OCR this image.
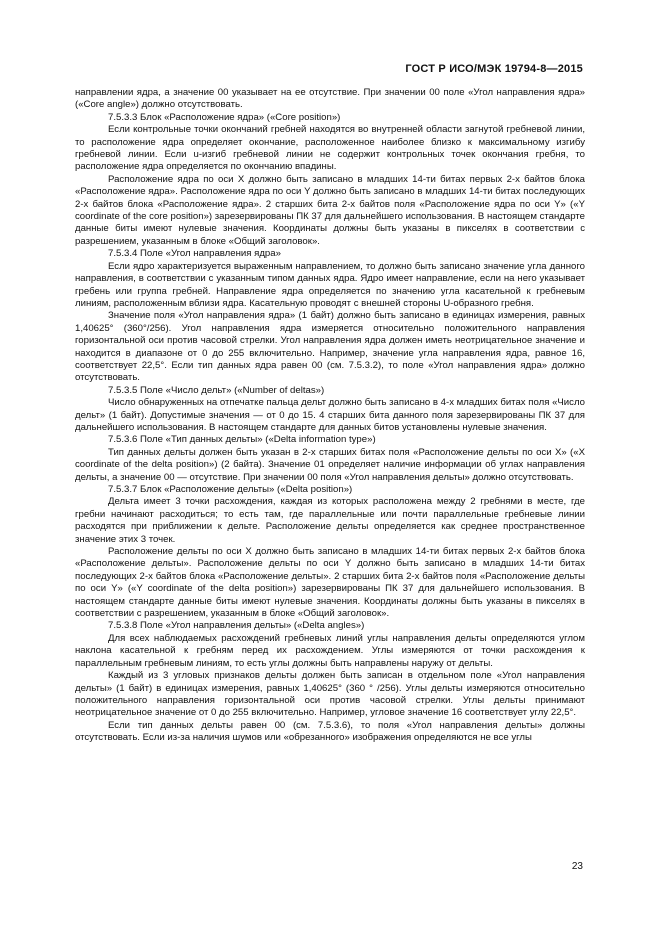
ГОСТ Р ИСО/МЭК 19794-8—2015

направлении ядра, а значение 00 указывает на ее отсутствие. При значении 00 поле «Угол направления ядра» («Core angle») должно отсутствовать.

7.5.3.3 Блок «Расположение ядра» («Core position»)

Если контрольные точки окончаний гребней находятся во внутренней области загнутой гребневой линии, то расположение ядра определяет окончание, расположенное наиболее близко к максимальному изгибу гребневой линии. Если u-изгиб гребневой линии не содержит контрольных точек окончания гребня, то расположение ядра определяется по окончанию впадины.

Расположение ядра по оси X должно быть записано в младших 14-ти битах первых 2-х байтов блока «Расположение ядра». Расположение ядра по оси Y должно быть записано в младших 14-ти битах последующих 2-х байтов блока «Расположение ядра». 2 старших бита 2-х байтов поля «Расположение ядра по оси Y» («Y coordinate of the core position») зарезервированы ПК 37 для дальнейшего использования. В настоящем стандарте данные биты имеют нулевые значения. Координаты должны быть указаны в пикселях в соответствии с разрешением, указанным в блоке «Общий заголовок».

7.5.3.4 Поле «Угол направления ядра»

Если ядро характеризуется выраженным направлением, то должно быть записано значение угла данного направления, в соответствии с указанным типом данных ядра. Ядро имеет направление, если на него указывает гребень или группа гребней. Направление ядра определяется по значению угла касательной к гребневым линиям, расположенным вблизи ядра. Касательную проводят с внешней стороны U-образного гребня.

Значение поля «Угол направления ядра» (1 байт) должно быть записано в единицах измерения, равных 1,40625° (360°/256). Угол направления ядра измеряется относительно положительного направления горизонтальной оси против часовой стрелки. Угол направления ядра должен иметь неотрицательное значение и находится в диапазоне от 0 до 255 включительно. Например, значение угла направления ядра, равное 16, соответствует 22,5°. Если тип данных ядра равен 00 (см. 7.5.3.2), то поле «Угол направления ядра» должно отсутствовать.

7.5.3.5 Поле «Число дельт» («Number of deltas»)

Число обнаруженных на отпечатке пальца дельт должно быть записано в 4-х младших битах поля «Число дельт» (1 байт). Допустимые значения — от 0 до 15. 4 старших бита данного поля зарезервированы ПК 37 для дальнейшего использования. В настоящем стандарте для данных битов установлены нулевые значения.

7.5.3.6 Поле «Тип данных дельты» («Delta information type»)

Тип данных дельты должен быть указан в 2-х старших битах поля «Расположение дельты по оси X» («X coordinate of the delta position») (2 байта). Значение 01 определяет наличие информации об углах направления дельты, а значение 00 — отсутствие. При значении 00 поля «Угол направления дельты» должно отсутствовать.

7.5.3.7 Блок «Расположение дельты» («Delta position»)

Дельта имеет 3 точки расхождения, каждая из которых расположена между 2 гребнями в месте, где гребни начинают расходиться; то есть там, где параллельные или почти параллельные гребневые линии расходятся при приближении к дельте. Расположение дельты определяется как среднее пространственное значение этих 3 точек.

Расположение дельты по оси X должно быть записано в младших 14-ти битах первых 2-х байтов блока «Расположение дельты». Расположение дельты по оси Y должно быть записано в младших 14-ти битах последующих 2-х байтов блока «Расположение дельты». 2 старших бита 2-х байтов поля «Расположение дельты по оси Y» («Y coordinate of the delta position») зарезервированы ПК 37 для дальнейшего использования. В настоящем стандарте данные биты имеют нулевые значения. Координаты должны быть указаны в пикселях в соответствии с разрешением, указанным в блоке «Общий заголовок».

7.5.3.8 Поле «Угол направления дельты» («Delta angles»)

Для всех наблюдаемых расхождений гребневых линий углы направления дельты определяются углом наклона касательной к гребням перед их расхождением. Углы измеряются от точки расхождения к параллельным гребневым линиям, то есть углы должны быть направлены наружу от дельты.

Каждый из 3 угловых признаков дельты должен быть записан в отдельном поле «Угол направления дельты» (1 байт) в единицах измерения, равных 1,40625° (360 ° /256). Углы дельты измеряются относительно положительного направления горизонтальной оси против часовой стрелки. Углы дельты принимают неотрицательное значение от 0 до 255 включительно. Например, угловое значение 16 соответствует углу 22,5°.

Если тип данных дельты равен 00 (см. 7.5.3.6), то поля «Угол направления дельты» должны отсутствовать. Если из-за наличия шумов или «обрезанного» изображения определяются не все углы

23
